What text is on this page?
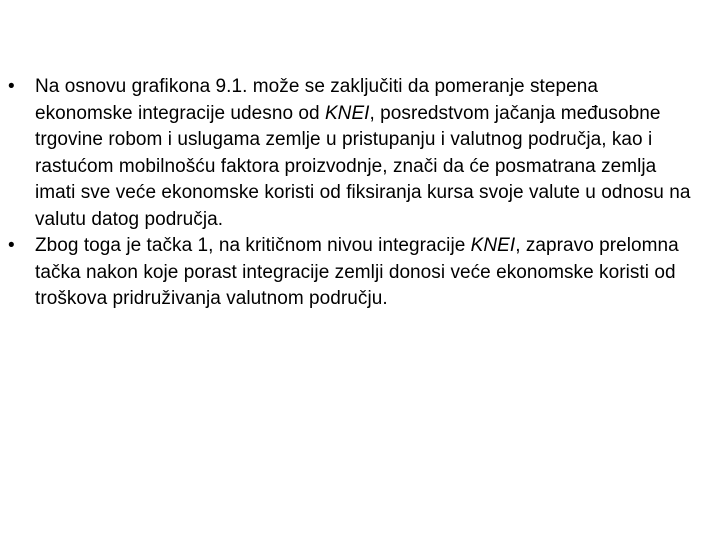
•	Na osnovu grafikona 9.1. može se zaključiti da pomeranje stepena ekonomske integracije udesno od KNEI, posredstvom jačanja međusobne trgovine robom i uslugama zemlje u pristupanju i valutnog područja, kao i rastućom mobilnošću faktora proizvodnje, znači da će posmatrana zemlja imati sve veće ekonomske koristi od fiksiranja kursa svoje valute u odnosu na valutu datog područja.
•	Zbog toga je tačka 1, na kritičnom nivou integracije KNEI, zapravo prelomna tačka nakon koje porast integracije zemlji donosi veće ekonomske koristi od troškova pridruživanja valutnom području.
